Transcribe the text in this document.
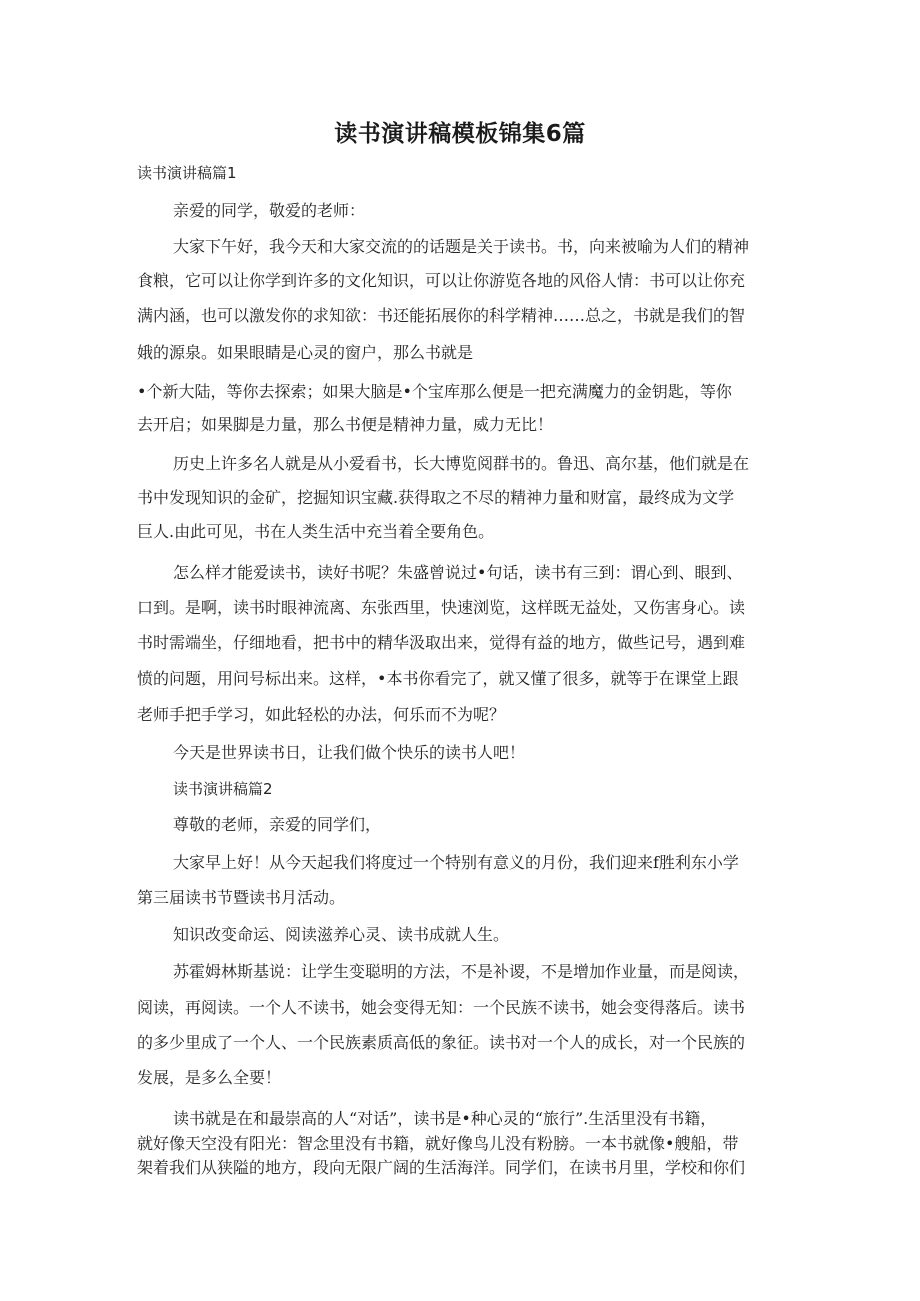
读书演讲稿模板锦集6篇
读书演讲稿篇1
亲爱的同学，敬爱的老师：
大家下午好，我今天和大家交流的的话题是关于读书。书，向来被喻为人们的精神
食粮，它可以让你学到许多的文化知识，可以让你游览各地的风俗人情：书可以让你充
满内涵，也可以激发你的求知欲：书还能拓展你的科学精神……总之，书就是我们的智
娥的源泉。如果眼睛是心灵的窗户，那么书就是
•个新大陆，等你去探索；如果大脑是•个宝库那么便是一把充满魔力的金钥匙，等你
去开启；如果脚是力量，那么书便是精神力量，威力无比！
历史上许多名人就是从小爱看书，长大博览阅群书的。鲁迅、高尔基，他们就是在
书中发现知识的金矿，挖掘知识宝藏.获得取之不尽的精神力量和财富，最终成为文学
巨人.由此可见，书在人类生活中充当着全要角色。
怎么样才能爱读书，读好书呢？朱盛曾说过•句话，读书有三到：谓心到、眼到、
口到。是啊，读书时眼神流离、东张西里，快速浏览，这样既无益处，又伤害身心。读
书时需端坐，仔细地看，把书中的精华汲取出来，觉得有益的地方，做些记号，遇到难
愤的问题，用问号标出来。这样，•本书你看完了，就又懂了很多，就等于在课堂上跟
老师手把手学习，如此轻松的办法，何乐而不为呢？
今天是世界读书日，让我们做个快乐的读书人吧！
读书演讲稿篇2
尊敬的老师，亲爱的同学们，
大家早上好！从今天起我们将度过一个特别有意义的月份，我们迎来f胜利东小学
第三届读书节暨读书月活动。
知识改变命运、阅读滋养心灵、读书成就人生。
苏霍姆林斯基说：让学生变聪明的方法，不是补谡，不是增加作业量，而是阅读，
阅读，再阅读。一个人不读书，她会变得无知：一个民族不读书，她会变得落后。读书
的多少里成了一个人、一个民族素质高低的象征。读书对一个人的成长，对一个民族的
发展，是多么全要！
读书就是在和最崇高的人“对话”，读书是•种心灵的“旅行”.生活里没有书籍，
就好像天空没有阳光：智念里没有书籍，就好像鸟儿没有粉膀。一本书就像•艘船，带
架着我们从狭隘的地方，段向无限广阔的生活海洋。同学们，在读书月里，学校和你们
